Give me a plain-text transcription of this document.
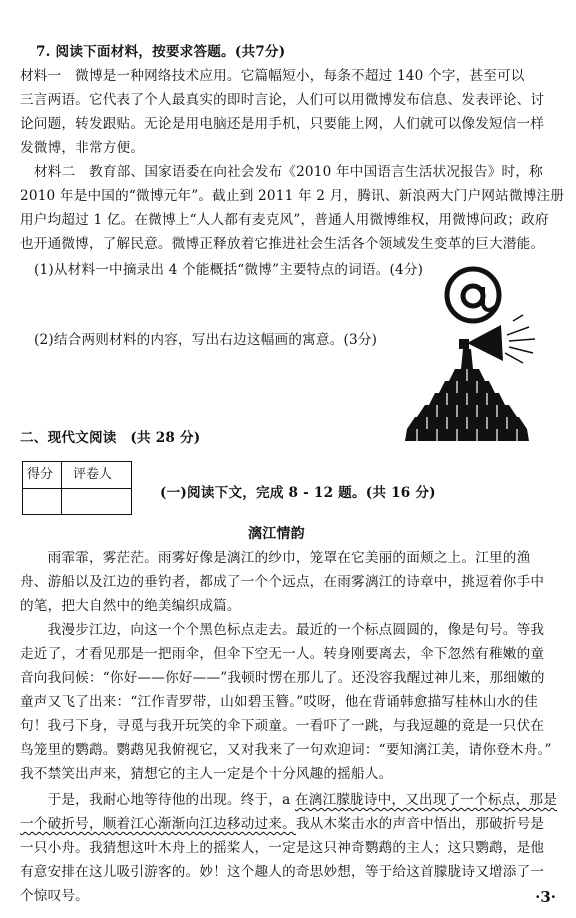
7. 阅读下面材料，按要求答题。(共7分)
材料一　微博是一种网络技术应用。它篇幅短小，每条不超过 140 个字，甚至可以
三言两语。它代表了个人最真实的即时言论，人们可以用微博发布信息、发表评论、讨
论问题，转发跟贴。无论是用电脑还是用手机，只要能上网，人们就可以像发短信一样
发微博，非常方便。
材料二　教育部、国家语委在向社会发布《2010 年中国语言生活状况报告》时，称
2010 年是中国的“微博元年”。截止到 2011 年 2 月，腾讯、新浪两大门户网站微博注册
用户均超过 1 亿。在微博上“人人都有麦克风”，普通人用微博维权，用微博问政；政府
也开通微博，了解民意。微博正释放着它推进社会生活各个领域发生变革的巨大潜能。
(1)从材料一中摘录出 4 个能概括“微博”主要特点的词语。(4分)
(2)结合两则材料的内容，写出右边这幅画的寓意。(3分)
二、现代文阅读　(共 28 分)
得分 评卷人
(一)阅读下文，完成 8 - 12 题。(共 16 分)
漓江情韵
　　雨霏霏，雾茫茫。雨雾好像是漓江的纱巾，笼罩在它美丽的面颊之上。江里的渔
舟、游船以及江边的垂钓者，都成了一个个远点，在雨雾漓江的诗章中，挑逗着你手中
的笔，把大自然中的绝美编织成篇。
　　我漫步江边，向这一个个黑色标点走去。最近的一个标点圆圆的，像是句号。等我
走近了，才看见那是一把雨伞，但伞下空无一人。转身刚要离去，伞下忽然有稚嫩的童
音向我问候：“你好——你好——”我顿时愣在那儿了。还没容我醒过神儿来，那细嫩的
童声又飞了出来：“江作青罗带，山如碧玉簪。”哎呀，他在背诵韩愈描写桂林山水的佳
句！我弓下身，寻觅与我开玩笑的伞下顽童。一看吓了一跳，与我逗趣的竟是一只伏在
鸟笼里的鹦鹉。鹦鹉见我俯视它，又对我来了一句欢迎词：“要知漓江美，请你登木舟。”
我不禁笑出声来，猜想它的主人一定是个十分风趣的摇船人。
　　于是，我耐心地等待他的出现。终于，a 在漓江朦胧诗中，又出现了一个标点，那是
一个破折号，顺着江心渐渐向江边移动过来。我从木桨击水的声音中悟出，那破折号是
一只小舟。我猜想这叶木舟上的摇桨人，一定是这只神奇鹦鹉的主人；这只鹦鹉，是他
有意安排在这儿吸引游客的。妙！这个趣人的奇思妙想，等于给这首朦胧诗又增添了一
个惊叹号。	·3·
